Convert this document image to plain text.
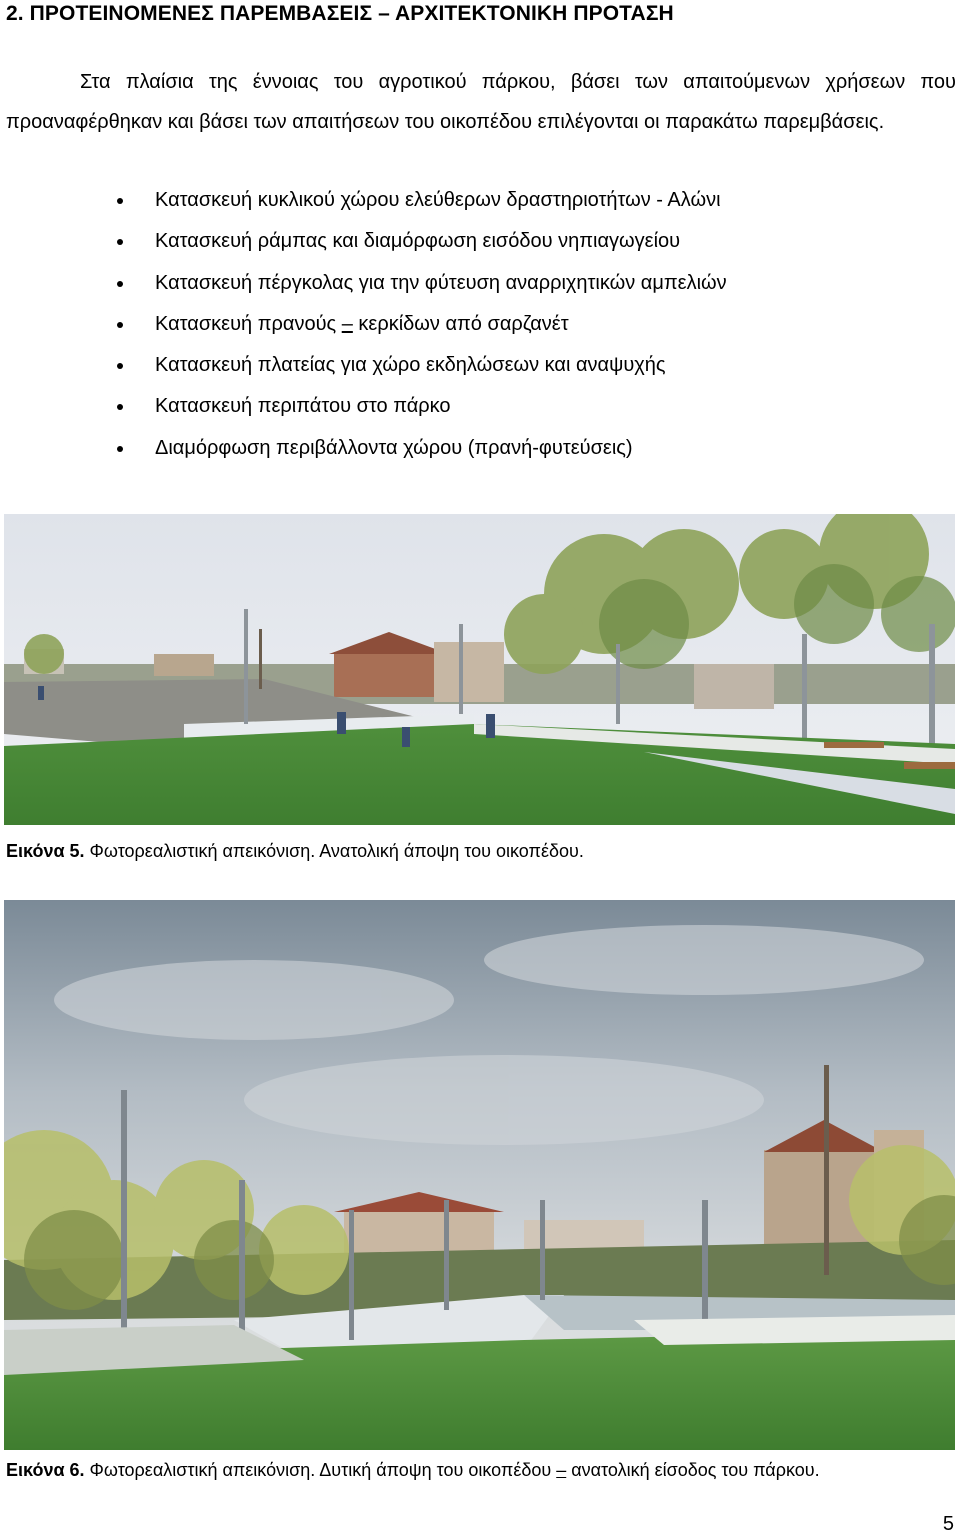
2. ΠΡΟΤΕΙΝΟΜΕΝΕΣ ΠΑΡΕΜΒΑΣΕΙΣ – ΑΡΧΙΤΕΚΤΟΝΙΚΗ ΠΡΟΤΑΣΗ
Στα πλαίσια της έννοιας του αγροτικού πάρκου, βάσει των απαιτούμενων χρήσεων που προαναφέρθηκαν και βάσει των απαιτήσεων του οικοπέδου επιλέγονται οι παρακάτω παρεμβάσεις.
Κατασκευή κυκλικού χώρου ελεύθερων δραστηριοτήτων - Αλώνι
Κατασκευή ράμπας και διαμόρφωση εισόδου νηπιαγωγείου
Κατασκευή πέργκολας για την φύτευση αναρριχητικών αμπελιών
Κατασκευή πρανούς – κερκίδων από σαρζανέτ
Κατασκευή πλατείας για χώρο εκδηλώσεων και αναψυχής
Κατασκευή περιπάτου στο πάρκο
Διαμόρφωση περιβάλλοντα χώρου (πρανή-φυτεύσεις)
Εικόνα 5. Φωτορεαλιστική απεικόνιση. Ανατολική άποψη του οικοπέδου.
Εικόνα 6. Φωτορεαλιστική απεικόνιση. Δυτική άποψη του οικοπέδου – ανατολική είσοδος του πάρκου.
5
